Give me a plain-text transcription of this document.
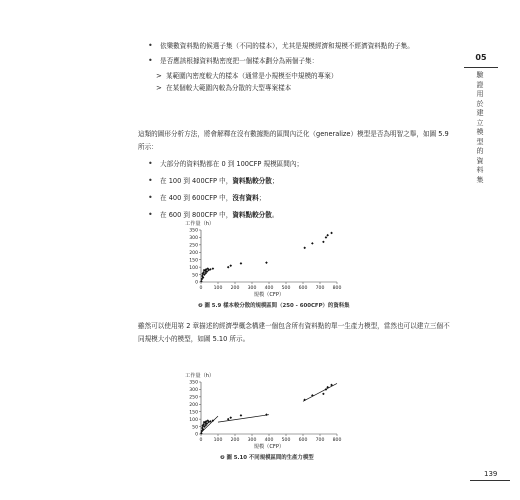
• 依樂數資料點的候選子集（不同的樣本），尤其是規模經濟和規模不經濟資料點的子集。
• 是否應該根據資料點密度把一個樣本劃分為兩個子集：
> 某範圍內密度較大的樣本（通常是小規模至中規模的專案）
> 在某個較大範圍內較為分散的大型專案樣本
這類的圖形分析方法，將會解釋在沒有數據點的區間內泛化（generalize）模型是否為明智之舉，如圖 5.9 所示：
• 大部分的資料點都在 0 到 100CFP 規模區間內；
• 在 100 到 400CFP 中，資料點較分散；
• 在 400 到 600CFP 中，沒有資料；
• 在 600 到 800CFP 中，資料點較分散。
工作量（h）
0
50
100
150
200
250
300
350
0 100 200 300 400 500 600 700 800
規模（CFP）
❷ 圖 5.9 樣本較分散的規模區間（250 - 600CFP）的資料集
雖然可以使用第 2 章描述的經濟學概念構建一個包含所有資料點的單一生產力模型，當然也可以建立三個不同規模大小的模型，如圖 5.10 所示。
工作量（h）
0
50
100
150
200
250
300
350
0 100 200 300 400 500 600 700 800
規模（CFP）
❷ 圖 5.10 不同規模區間的生產力模型
05
驗證用於建立模型的資料集
139
